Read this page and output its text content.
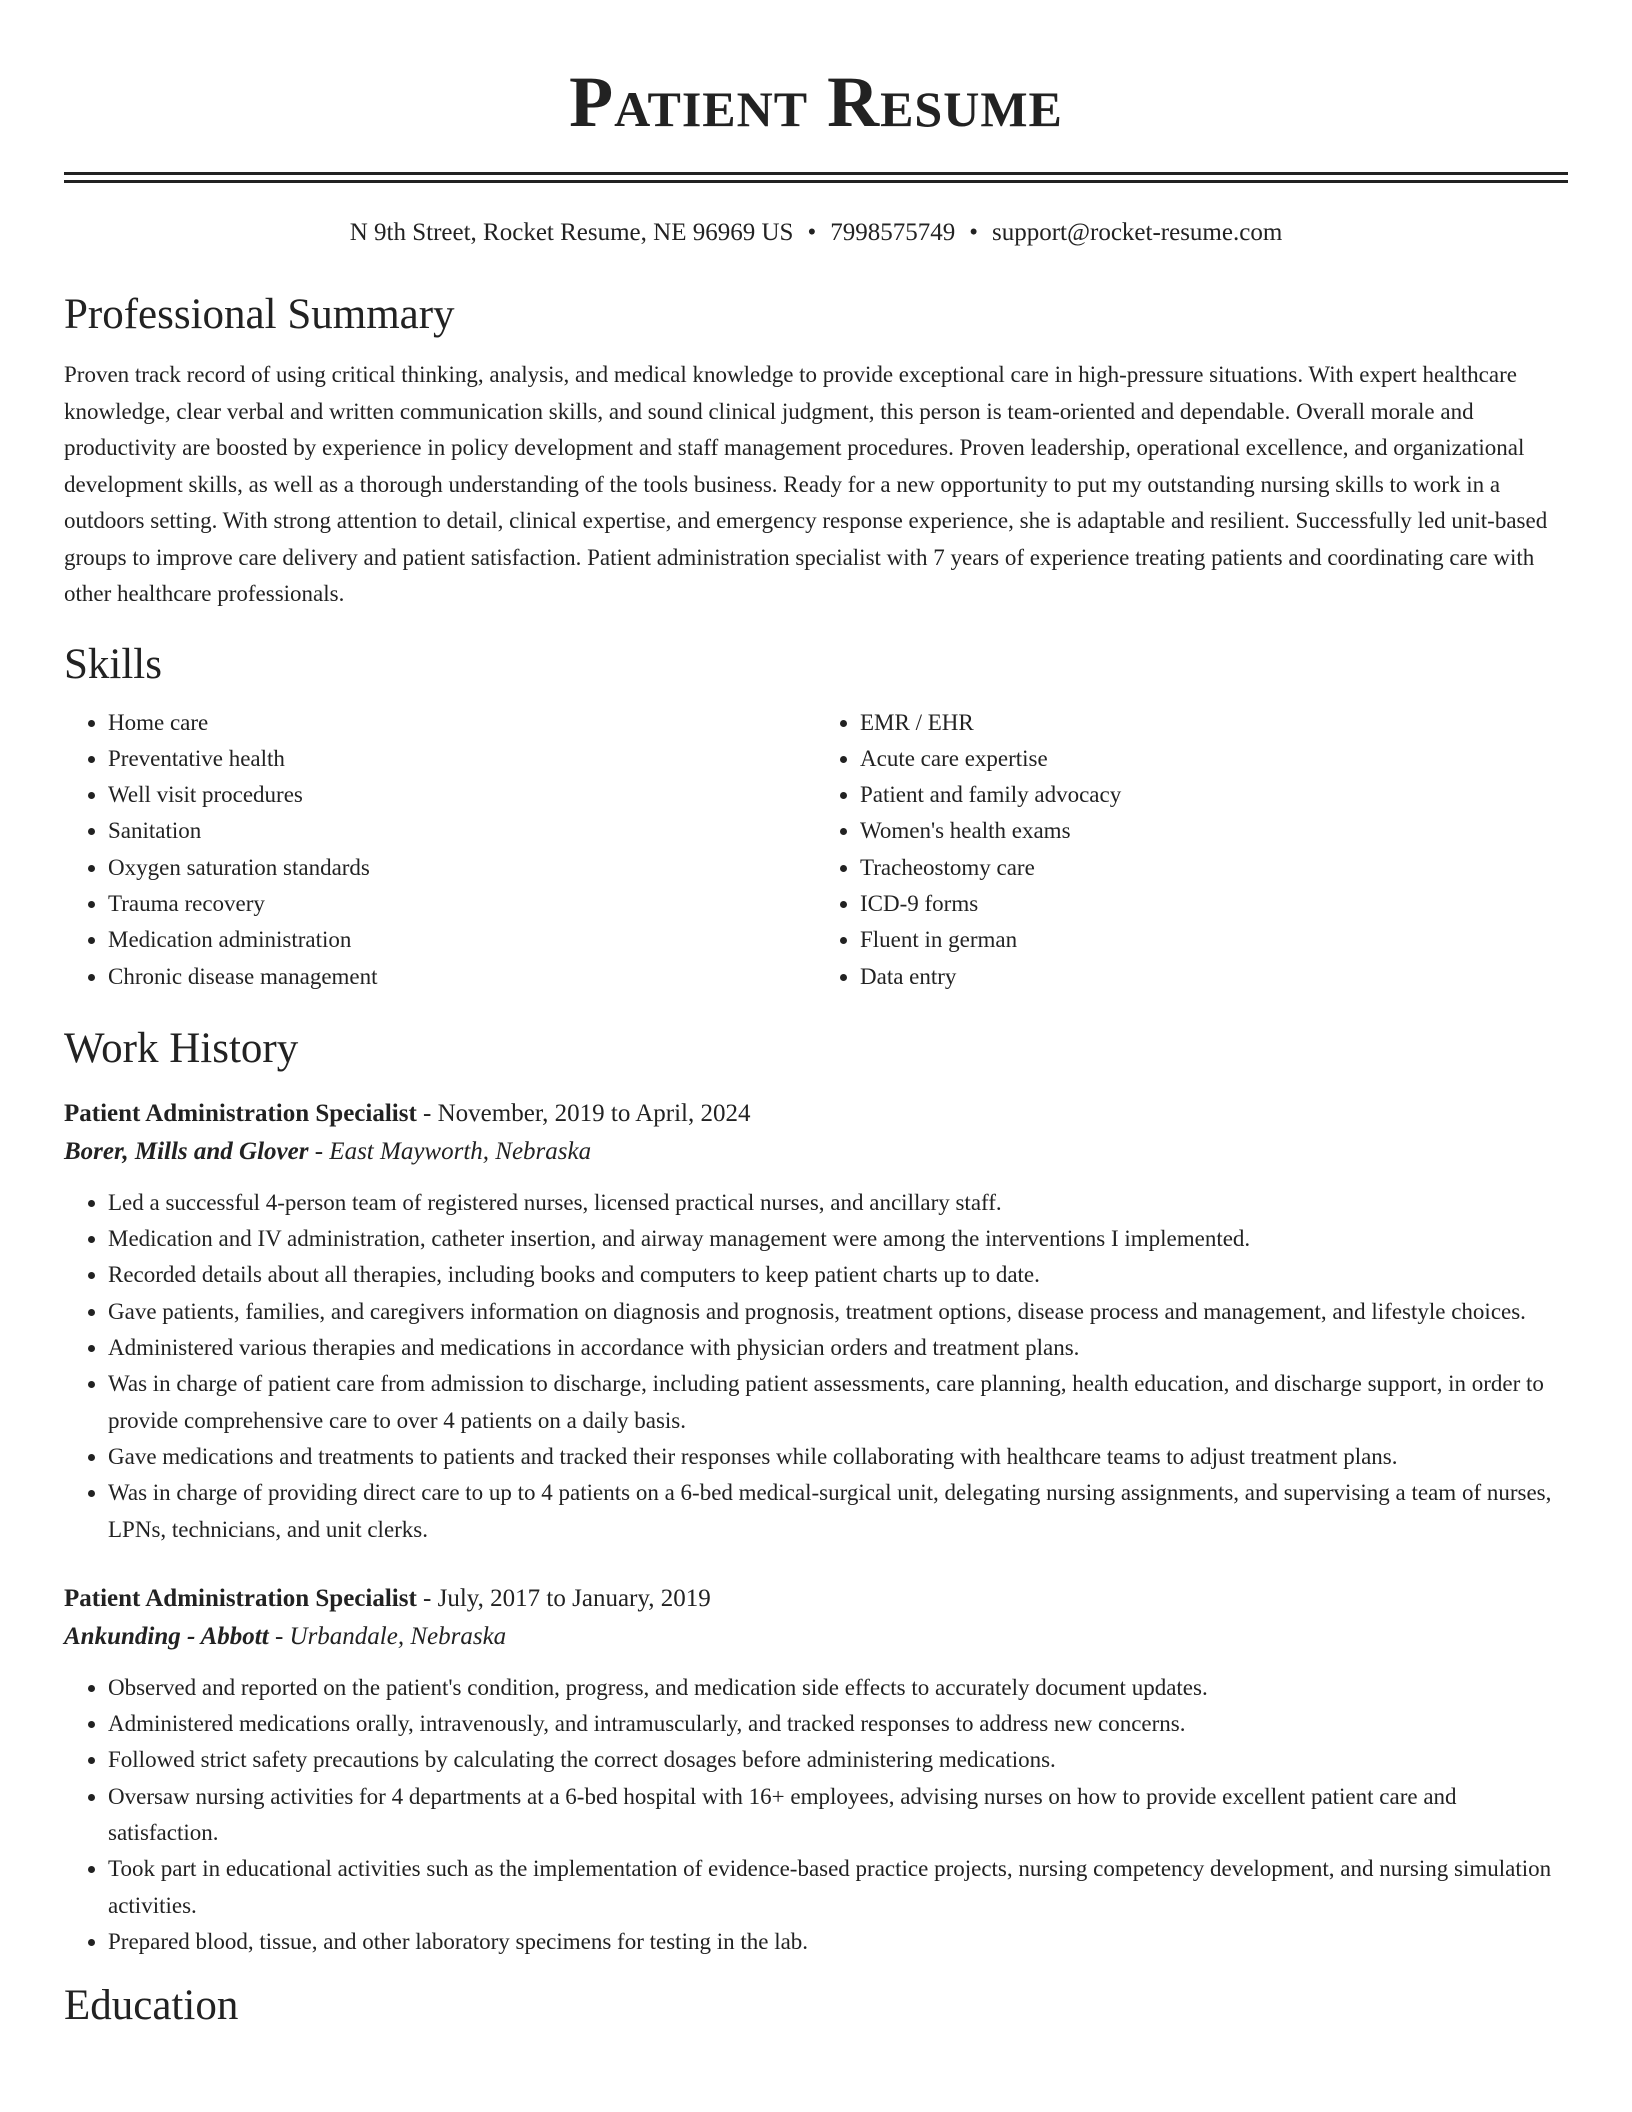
Patient Resume
N 9th Street, Rocket Resume, NE 96969 US • 7998575749 • support@rocket-resume.com
Professional Summary

Proven track record of using critical thinking, analysis, and medical knowledge to provide exceptional care in high-pressure situations. With expert healthcare knowledge, clear verbal and written communication skills, and sound clinical judgment, this person is team-oriented and dependable. Overall morale and productivity are boosted by experience in policy development and staff management procedures. Proven leadership, operational excellence, and organizational development skills, as well as a thorough understanding of the tools business. Ready for a new opportunity to put my outstanding nursing skills to work in a outdoors setting. With strong attention to detail, clinical expertise, and emergency response experience, she is adaptable and resilient. Successfully led unit-based groups to improve care delivery and patient satisfaction. Patient administration specialist with 7 years of experience treating patients and coordinating care with other healthcare professionals.

Skills
• Home care
• Preventative health
• Well visit procedures
• Sanitation
• Oxygen saturation standards
• Trauma recovery
• Medication administration
• Chronic disease management
• EMR / EHR
• Acute care expertise
• Patient and family advocacy
• Women's health exams
• Tracheostomy care
• ICD-9 forms
• Fluent in german
• Data entry
Work History
Patient Administration Specialist - November, 2019 to April, 2024
Borer, Mills and Glover - East Mayworth, Nebraska
• Led a successful 4-person team of registered nurses, licensed practical nurses, and ancillary staff.
• Medication and IV administration, catheter insertion, and airway management were among the interventions I implemented.
• Recorded details about all therapies, including books and computers to keep patient charts up to date.
• Gave patients, families, and caregivers information on diagnosis and prognosis, treatment options, disease process and management, and lifestyle choices.
• Administered various therapies and medications in accordance with physician orders and treatment plans.
• Was in charge of patient care from admission to discharge, including patient assessments, care planning, health education, and discharge support, in order to provide comprehensive care to over 4 patients on a daily basis.
• Gave medications and treatments to patients and tracked their responses while collaborating with healthcare teams to adjust treatment plans.
• Was in charge of providing direct care to up to 4 patients on a 6-bed medical-surgical unit, delegating nursing assignments, and supervising a team of nurses, LPNs, technicians, and unit clerks.
Patient Administration Specialist - July, 2017 to January, 2019
Ankunding - Abbott - Urbandale, Nebraska
• Observed and reported on the patient's condition, progress, and medication side effects to accurately document updates.
• Administered medications orally, intravenously, and intramuscularly, and tracked responses to address new concerns.
• Followed strict safety precautions by calculating the correct dosages before administering medications.
• Oversaw nursing activities for 4 departments at a 6-bed hospital with 16+ employees, advising nurses on how to provide excellent patient care and satisfaction.
• Took part in educational activities such as the implementation of evidence-based practice projects, nursing competency development, and nursing simulation activities.
• Prepared blood, tissue, and other laboratory specimens for testing in the lab.
Education
